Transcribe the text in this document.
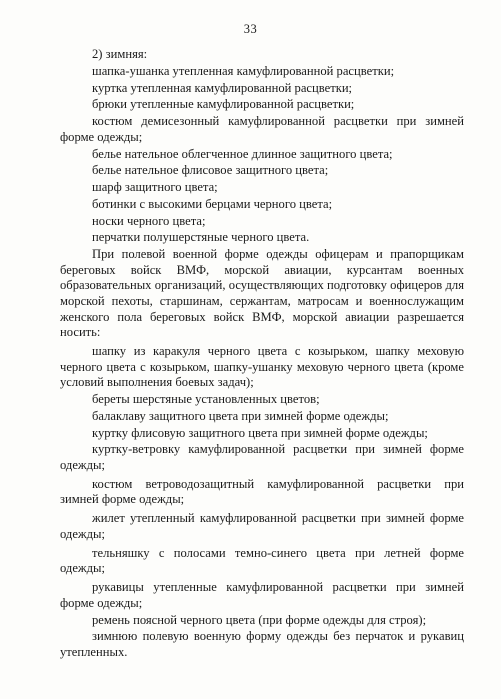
33

2) зимняя:

шапка-ушанка утепленная камуфлированной расцветки;

куртка утепленная камуфлированной расцветки;

брюки утепленные камуфлированной расцветки;

костюм демисезонный камуфлированной расцветки при зимней форме одежды;

белье нательное облегченное длинное защитного цвета;

белье нательное флисовое защитного цвета;

шарф защитного цвета;

ботинки с высокими берцами черного цвета;

носки черного цвета;

перчатки полушерстяные черного цвета.

При полевой военной форме одежды офицерам и прапорщикам береговых войск ВМФ, морской авиации, курсантам военных образовательных организаций, осуществляющих подготовку офицеров для морской пехоты, старшинам, сержантам, матросам и военнослужащим женского пола береговых войск ВМФ, морской авиации разрешается носить:

шапку из каракуля черного цвета с козырьком, шапку меховую черного цвета с козырьком, шапку-ушанку меховую черного цвета (кроме условий выполнения боевых задач);

береты шерстяные установленных цветов;

балаклаву защитного цвета при зимней форме одежды;

куртку флисовую защитного цвета при зимней форме одежды;

куртку-ветровку камуфлированной расцветки при зимней форме одежды;

костюм ветроводозащитный камуфлированной расцветки при зимней форме одежды;

жилет утепленный камуфлированной расцветки при зимней форме одежды;

тельняшку с полосами темно-синего цвета при летней форме одежды;

рукавицы утепленные камуфлированной расцветки при зимней форме одежды;

ремень поясной черного цвета (при форме одежды для строя);

зимнюю полевую военную форму одежды без перчаток и рукавиц утепленных.
